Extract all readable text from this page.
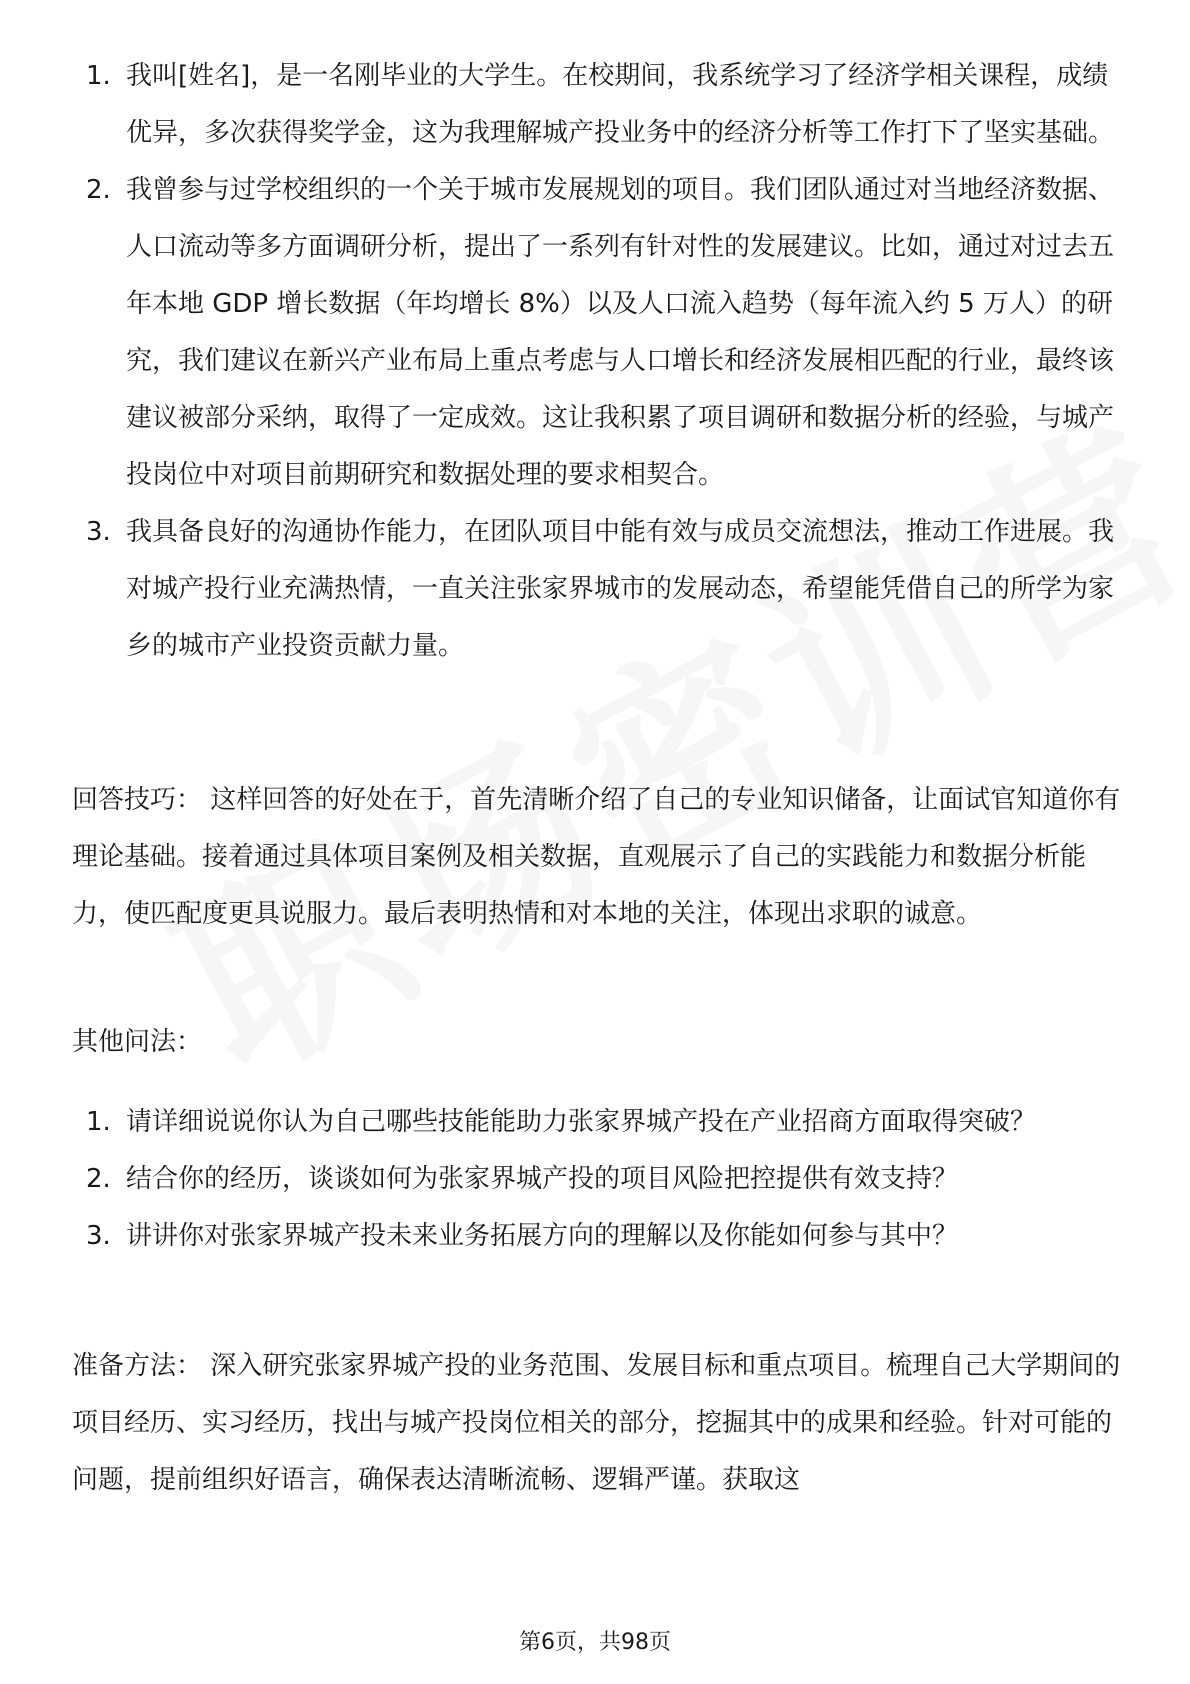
1. 我叫[姓名]，是一名刚毕业的大学生。在校期间，我系统学习了经济学相关课程，成绩优异，多次获得奖学金，这为我理解城产投业务中的经济分析等工作打下了坚实基础。

2. 我曾参与过学校组织的一个关于城市发展规划的项目。我们团队通过对当地经济数据、人口流动等多方面调研分析，提出了一系列有针对性的发展建议。比如，通过对过去五年本地 GDP 增长数据（年均增长 8%）以及人口流入趋势（每年流入约 5 万人）的研究，我们建议在新兴产业布局上重点考虑与人口增长和经济发展相匹配的行业，最终该建议被部分采纳，取得了一定成效。这让我积累了项目调研和数据分析的经验，与城产投岗位中对项目前期研究和数据处理的要求相契合。

3. 我具备良好的沟通协作能力，在团队项目中能有效与成员交流想法，推动工作进展。我对城产投行业充满热情，一直关注张家界城市的发展动态，希望能凭借自己的所学为家乡的城市产业投资贡献力量。

回答技巧： 这样回答的好处在于，首先清晰介绍了自己的专业知识储备，让面试官知道你有理论基础。接着通过具体项目案例及相关数据，直观展示了自己的实践能力和数据分析能力，使匹配度更具说服力。最后表明热情和对本地的关注，体现出求职的诚意。

其他问法：

1. 请详细说说你认为自己哪些技能能助力张家界城产投在产业招商方面取得突破？

2. 结合你的经历，谈谈如何为张家界城产投的项目风险把控提供有效支持？

3. 讲讲你对张家界城产投未来业务拓展方向的理解以及你能如何参与其中？

准备方法： 深入研究张家界城产投的业务范围、发展目标和重点项目。梳理自己大学期间的项目经历、实习经历，找出与城产投岗位相关的部分，挖掘其中的成果和经验。针对可能的问题，提前组织好语言，确保表达清晰流畅、逻辑严谨。获取这

第6页，共98页
